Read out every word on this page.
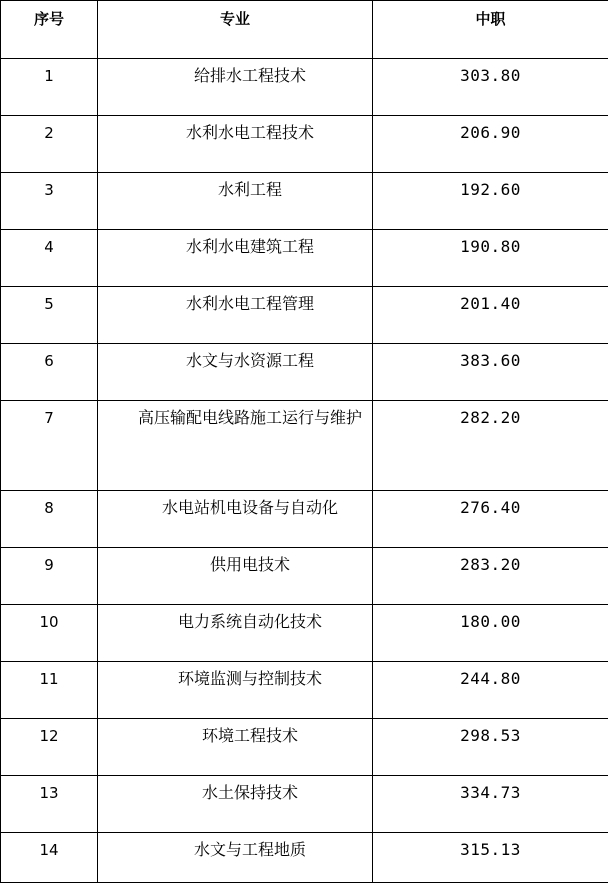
序号	专业	中职
1	给排水工程技术	303.80
2	水利水电工程技术	206.90
3	水利工程	192.60
4	水利水电建筑工程	190.80
5	水利水电工程管理	201.40
6	水文与水资源工程	383.60
7	高压输配电线路施工运行与维护	282.20
8	水电站机电设备与自动化	276.40
9	供用电技术	283.20
10	电力系统自动化技术	180.00
11	环境监测与控制技术	244.80
12	环境工程技术	298.53
13	水土保持技术	334.73
14	水文与工程地质	315.13
